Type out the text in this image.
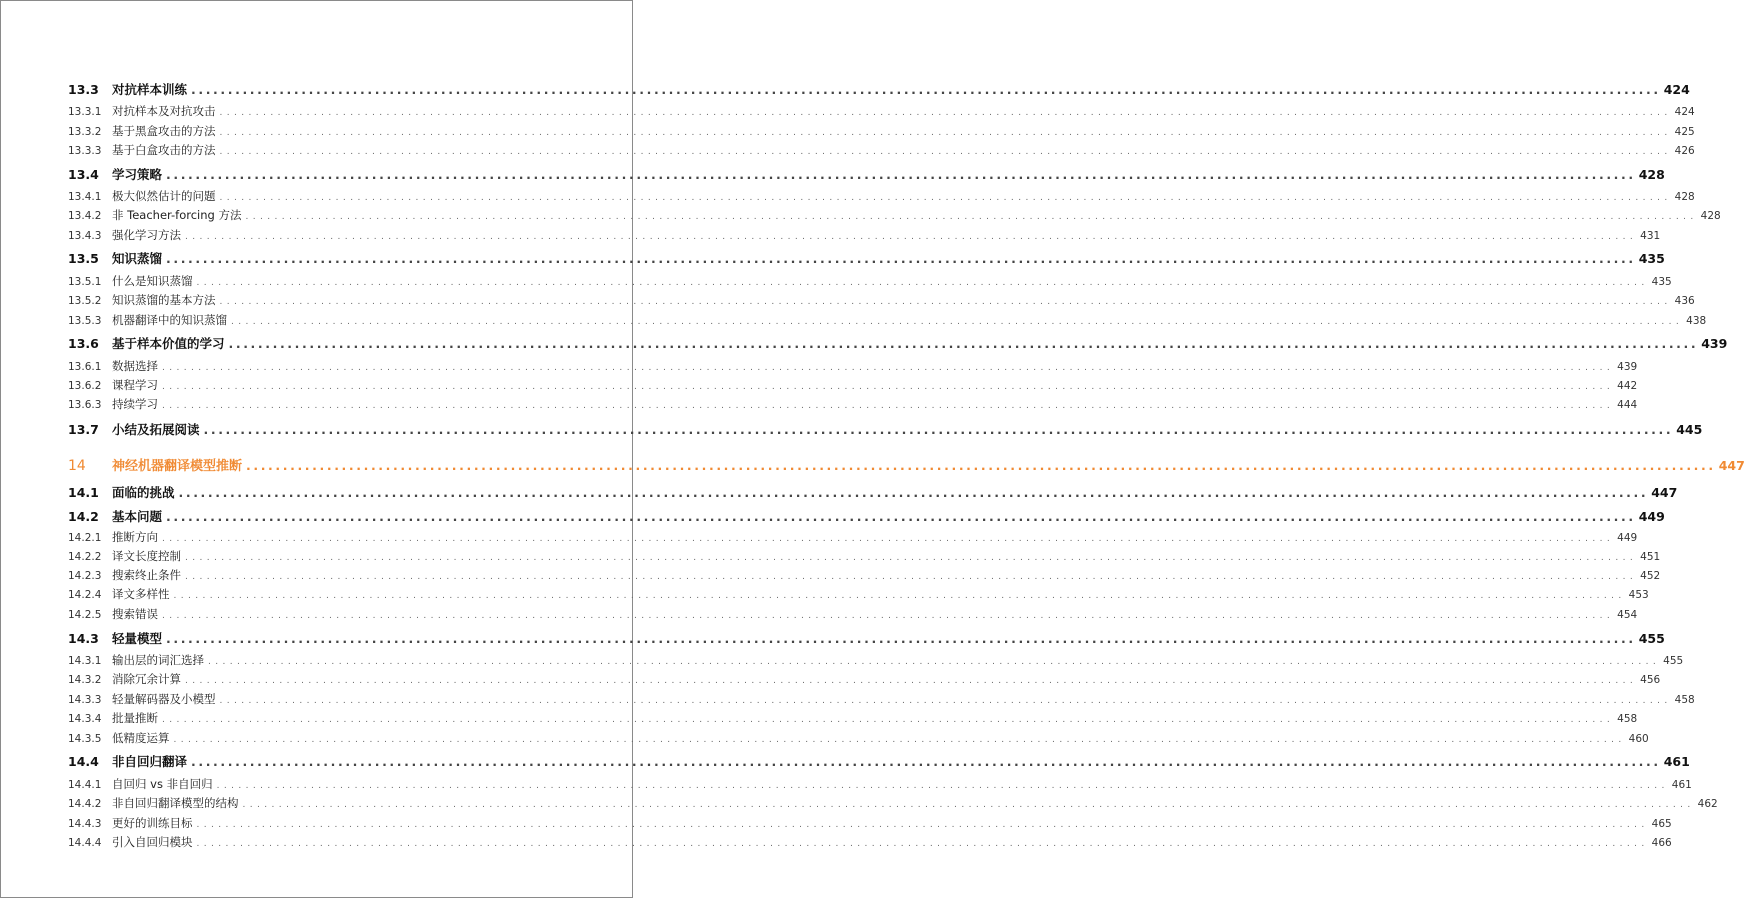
13.3	对抗样本训练 ........................................................................................................................................................................................................ 424
13.3.1 对抗样本及对抗攻击 ........................................................................................................................................................................................................ 424
13.3.2 基于黑盒攻击的方法 ........................................................................................................................................................................................................ 425
13.3.3 基于白盒攻击的方法 ........................................................................................................................................................................................................ 426
13.4	学习策略 ........................................................................................................................................................................................................ 428
13.4.1 极大似然估计的问题 ........................................................................................................................................................................................................ 428
13.4.2 非 Teacher-forcing 方法 ........................................................................................................................................................................................................ 428
13.4.3 强化学习方法 ........................................................................................................................................................................................................ 431
13.5	知识蒸馏 ........................................................................................................................................................................................................ 435
13.5.1 什么是知识蒸馏 ........................................................................................................................................................................................................ 435
13.5.2 知识蒸馏的基本方法 ........................................................................................................................................................................................................ 436
13.5.3 机器翻译中的知识蒸馏 ........................................................................................................................................................................................................ 438
13.6	基于样本价值的学习 ........................................................................................................................................................................................................ 439
13.6.1 数据选择 ........................................................................................................................................................................................................ 439
13.6.2 课程学习 ........................................................................................................................................................................................................ 442
13.6.3 持续学习 ........................................................................................................................................................................................................ 444
13.7	小结及拓展阅读 ........................................................................................................................................................................................................ 445
14	神经机器翻译模型推断 ........................................................................................................................................................................................................ 447
14.1	面临的挑战 ........................................................................................................................................................................................................ 447
14.2	基本问题 ........................................................................................................................................................................................................ 449
14.2.1 推断方向 ........................................................................................................................................................................................................ 449
14.2.2 译文长度控制 ........................................................................................................................................................................................................ 451
14.2.3 搜索终止条件 ........................................................................................................................................................................................................ 452
14.2.4 译文多样性 ........................................................................................................................................................................................................ 453
14.2.5 搜索错误 ........................................................................................................................................................................................................ 454
14.3	轻量模型 ........................................................................................................................................................................................................ 455
14.3.1 输出层的词汇选择 ........................................................................................................................................................................................................ 455
14.3.2 消除冗余计算 ........................................................................................................................................................................................................ 456
14.3.3 轻量解码器及小模型 ........................................................................................................................................................................................................ 458
14.3.4 批量推断 ........................................................................................................................................................................................................ 458
14.3.5 低精度运算 ........................................................................................................................................................................................................ 460
14.4	非自回归翻译 ........................................................................................................................................................................................................ 461
14.4.1 自回归 vs 非自回归 ........................................................................................................................................................................................................ 461
14.4.2 非自回归翻译模型的结构 ........................................................................................................................................................................................................ 462
14.4.3 更好的训练目标 ........................................................................................................................................................................................................ 465
14.4.4 引入自回归模块 ........................................................................................................................................................................................................ 466
